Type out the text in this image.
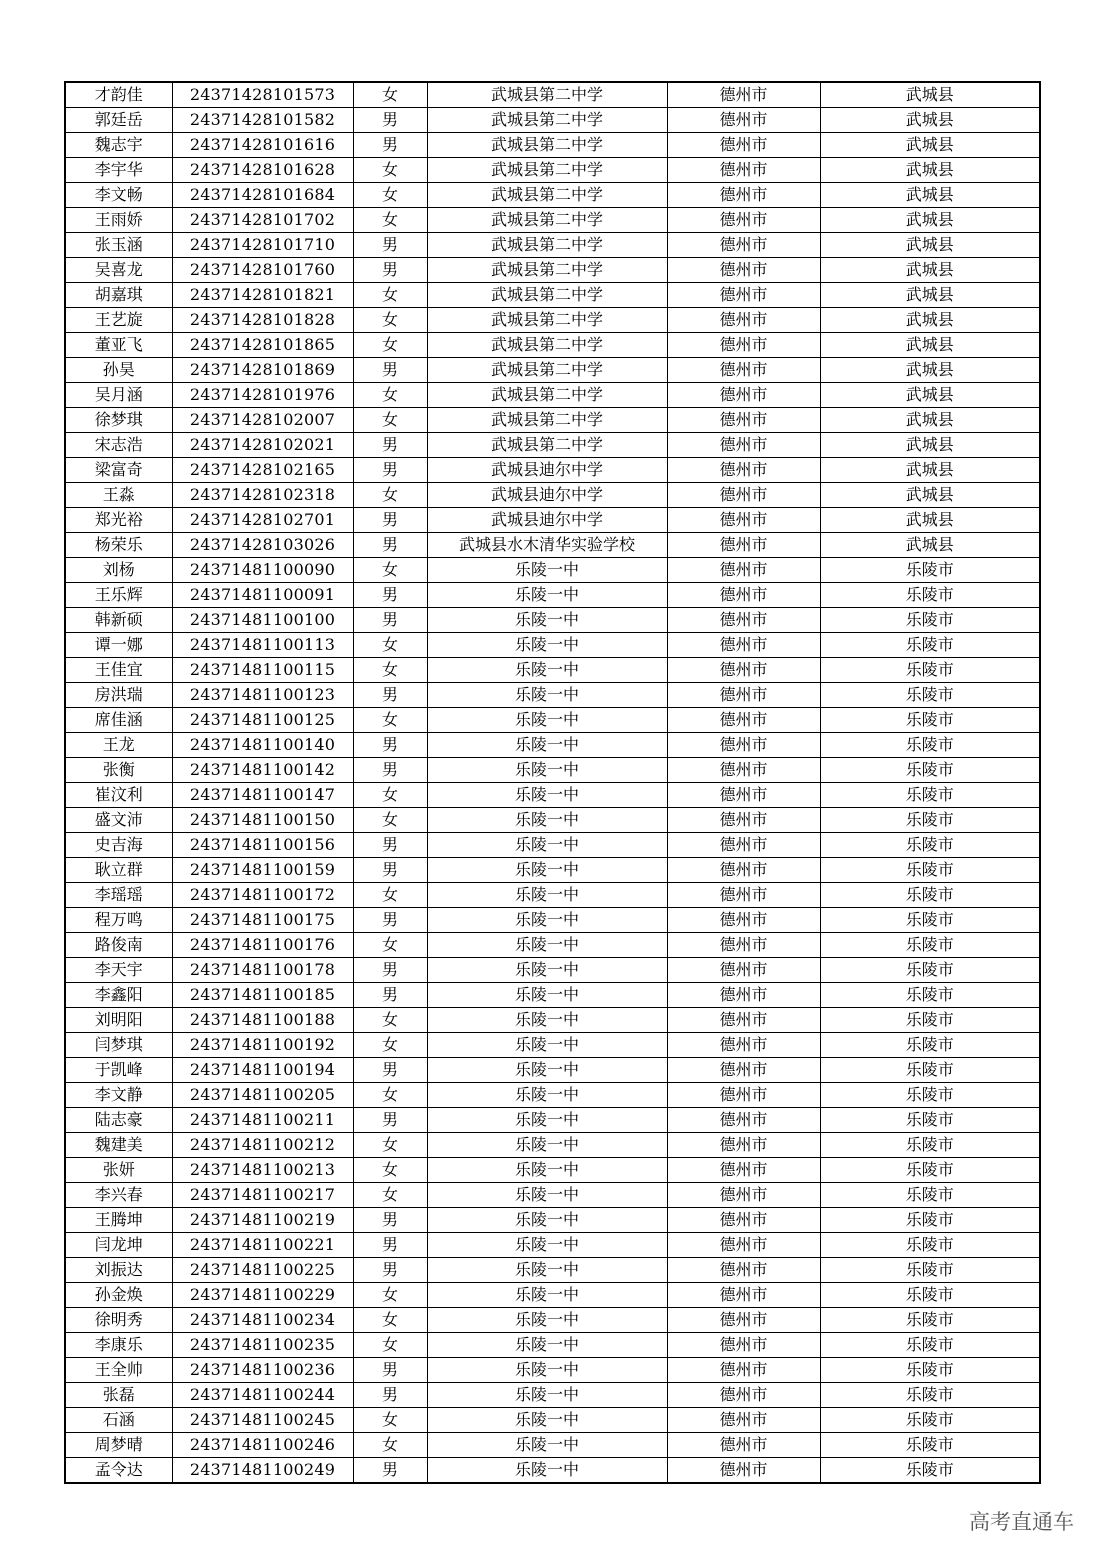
才韵佳	24371428101573	女	武城县第二中学	德州市	武城县
郭廷岳	24371428101582	男	武城县第二中学	德州市	武城县
魏志宇	24371428101616	男	武城县第二中学	德州市	武城县
李宇华	24371428101628	女	武城县第二中学	德州市	武城县
李文畅	24371428101684	女	武城县第二中学	德州市	武城县
王雨娇	24371428101702	女	武城县第二中学	德州市	武城县
张玉涵	24371428101710	男	武城县第二中学	德州市	武城县
吴喜龙	24371428101760	男	武城县第二中学	德州市	武城县
胡嘉琪	24371428101821	女	武城县第二中学	德州市	武城县
王艺旋	24371428101828	女	武城县第二中学	德州市	武城县
董亚飞	24371428101865	女	武城县第二中学	德州市	武城县
孙昊	24371428101869	男	武城县第二中学	德州市	武城县
吴月涵	24371428101976	女	武城县第二中学	德州市	武城县
徐梦琪	24371428102007	女	武城县第二中学	德州市	武城县
宋志浩	24371428102021	男	武城县第二中学	德州市	武城县
梁富奇	24371428102165	男	武城县迪尔中学	德州市	武城县
王淼	24371428102318	女	武城县迪尔中学	德州市	武城县
郑光裕	24371428102701	男	武城县迪尔中学	德州市	武城县
杨荣乐	24371428103026	男	武城县水木清华实验学校	德州市	武城县
刘杨	24371481100090	女	乐陵一中	德州市	乐陵市
王乐辉	24371481100091	男	乐陵一中	德州市	乐陵市
韩新硕	24371481100100	男	乐陵一中	德州市	乐陵市
谭一娜	24371481100113	女	乐陵一中	德州市	乐陵市
王佳宜	24371481100115	女	乐陵一中	德州市	乐陵市
房洪瑞	24371481100123	男	乐陵一中	德州市	乐陵市
席佳涵	24371481100125	女	乐陵一中	德州市	乐陵市
王龙	24371481100140	男	乐陵一中	德州市	乐陵市
张衡	24371481100142	男	乐陵一中	德州市	乐陵市
崔汶利	24371481100147	女	乐陵一中	德州市	乐陵市
盛文沛	24371481100150	女	乐陵一中	德州市	乐陵市
史吉海	24371481100156	男	乐陵一中	德州市	乐陵市
耿立群	24371481100159	男	乐陵一中	德州市	乐陵市
李瑶瑶	24371481100172	女	乐陵一中	德州市	乐陵市
程万鸣	24371481100175	男	乐陵一中	德州市	乐陵市
路俊南	24371481100176	女	乐陵一中	德州市	乐陵市
李天宇	24371481100178	男	乐陵一中	德州市	乐陵市
李鑫阳	24371481100185	男	乐陵一中	德州市	乐陵市
刘明阳	24371481100188	女	乐陵一中	德州市	乐陵市
闫梦琪	24371481100192	女	乐陵一中	德州市	乐陵市
于凯峰	24371481100194	男	乐陵一中	德州市	乐陵市
李文静	24371481100205	女	乐陵一中	德州市	乐陵市
陆志豪	24371481100211	男	乐陵一中	德州市	乐陵市
魏建美	24371481100212	女	乐陵一中	德州市	乐陵市
张妍	24371481100213	女	乐陵一中	德州市	乐陵市
李兴春	24371481100217	女	乐陵一中	德州市	乐陵市
王腾坤	24371481100219	男	乐陵一中	德州市	乐陵市
闫龙坤	24371481100221	男	乐陵一中	德州市	乐陵市
刘振达	24371481100225	男	乐陵一中	德州市	乐陵市
孙金焕	24371481100229	女	乐陵一中	德州市	乐陵市
徐明秀	24371481100234	女	乐陵一中	德州市	乐陵市
李康乐	24371481100235	女	乐陵一中	德州市	乐陵市
王全帅	24371481100236	男	乐陵一中	德州市	乐陵市
张磊	24371481100244	男	乐陵一中	德州市	乐陵市
石涵	24371481100245	女	乐陵一中	德州市	乐陵市
周梦晴	24371481100246	女	乐陵一中	德州市	乐陵市
孟令达	24371481100249	男	乐陵一中	德州市	乐陵市
高考直通车
